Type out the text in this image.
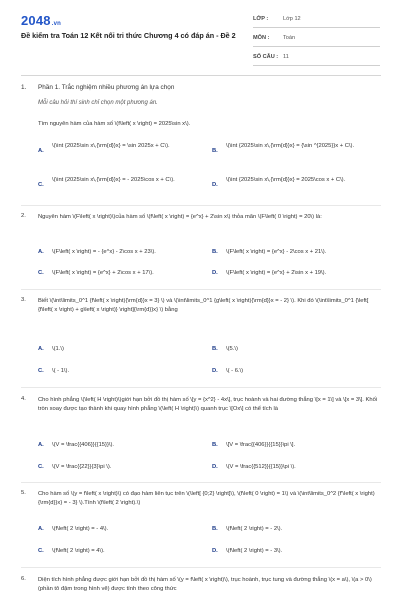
2048.vn
Đề kiểm tra Toán 12 Kết nối tri thức Chương 4 có đáp án - Đề 2
LỚP :	Lớp 12
MÔN : Toán
SỐ CÂU : 11
1. Phần 1. Trắc nghiệm nhiều phương án lựa chọn
Mỗi câu hỏi thí sinh chỉ chọn một phương án.
Tìm nguyên hàm của hàm số \(f\left( x \right) = 2025\sin x\).
A.
\(\int {2025\sin x\,{\rm{d}}x} = \sin 2025x + C\).
B.
\(\int {2025\sin x\,{\rm{d}}x} = {\sin ^{2025}}x + C\).
C.
\(\int {2025\sin x\,{\rm{d}}x} = - 2025\cos x + C\).
D.
\(\int {2025\sin x\,{\rm{d}}x} = 2025\cos x + C\).
2. Nguyên hàm \(F\left( x \right)\)của hàm số \(f\left( x \right) = {e^x} + 2\sin x\) thỏa mãn \(F\left( 0 \right) = 20\) là:
A. \(F\left( x \right) = - {e^x} - 2\cos x + 23\).	B. \(F\left( x \right) = {e^x} - 2\cos x + 21\).
C. \(F\left( x \right) = {e^x} + 2\cos x + 17\).	D. \(F\left( x \right) = {e^x} + 2\sin x + 19\).
3. Biết \(\int\limits_0^1 {f\left( x \right){\rm{d}}x = 3} \) và \(\int\limits_0^1 {g\left( x \right){\rm{d}}x = - 2} \). Khi đó \(\int\limits_0^1 {\left[ {f\left( x \right) + g\left( x \right)} \right]{\rm{d}}x} \) bằng
A. \(1.\)	B. \(5.\)
C. \( - 1\).	D. \( - 6.\)
4. Cho hình phẳng \(\left( H \right)\)giới hạn bởi đồ thị hàm số \[y = {x^2} - 4x\], trục hoành và hai đường thẳng \[x = 1\] và \[x = 3\]. Khối tròn xoay được tạo thành khi quay hình phẳng \(\left( H \right)\) quanh trục \[Ox\] có thể tích là
A. \(V = \frac{{406}}{{15}}\).	B. \[V = \frac{{406}}{{15}}\pi \].
C. \(V = \frac{{22}}{3}\pi \).	D. \(V = \frac{{512}}{{15}}\pi \).
5. Cho hàm số \(y = f\left( x \right)\) có đạo hàm liên tục trên \(\left[ {0;2} \right]\), \(f\left( 0 \right) = 1\) và \(\int\limits_0^2 {f'\left( x \right){\rm{d}}x} = - 3} \).Tính \(f\left( 2 \right).\)
A. \(f\left( 2 \right) = - 4\).	B. \(f\left( 2 \right) = - 2\).
C. \(f\left( 2 \right) = 4\).	D. \(f\left( 2 \right) = - 3\).
6. Diện tích hình phẳng được giới hạn bởi đồ thị hàm số \(y = f\left( x \right)\), trục hoành, trục tung và đường thẳng \(x = a\), \(a > 0\)(phần tô đậm trong hình vẽ) được tính theo công thức
